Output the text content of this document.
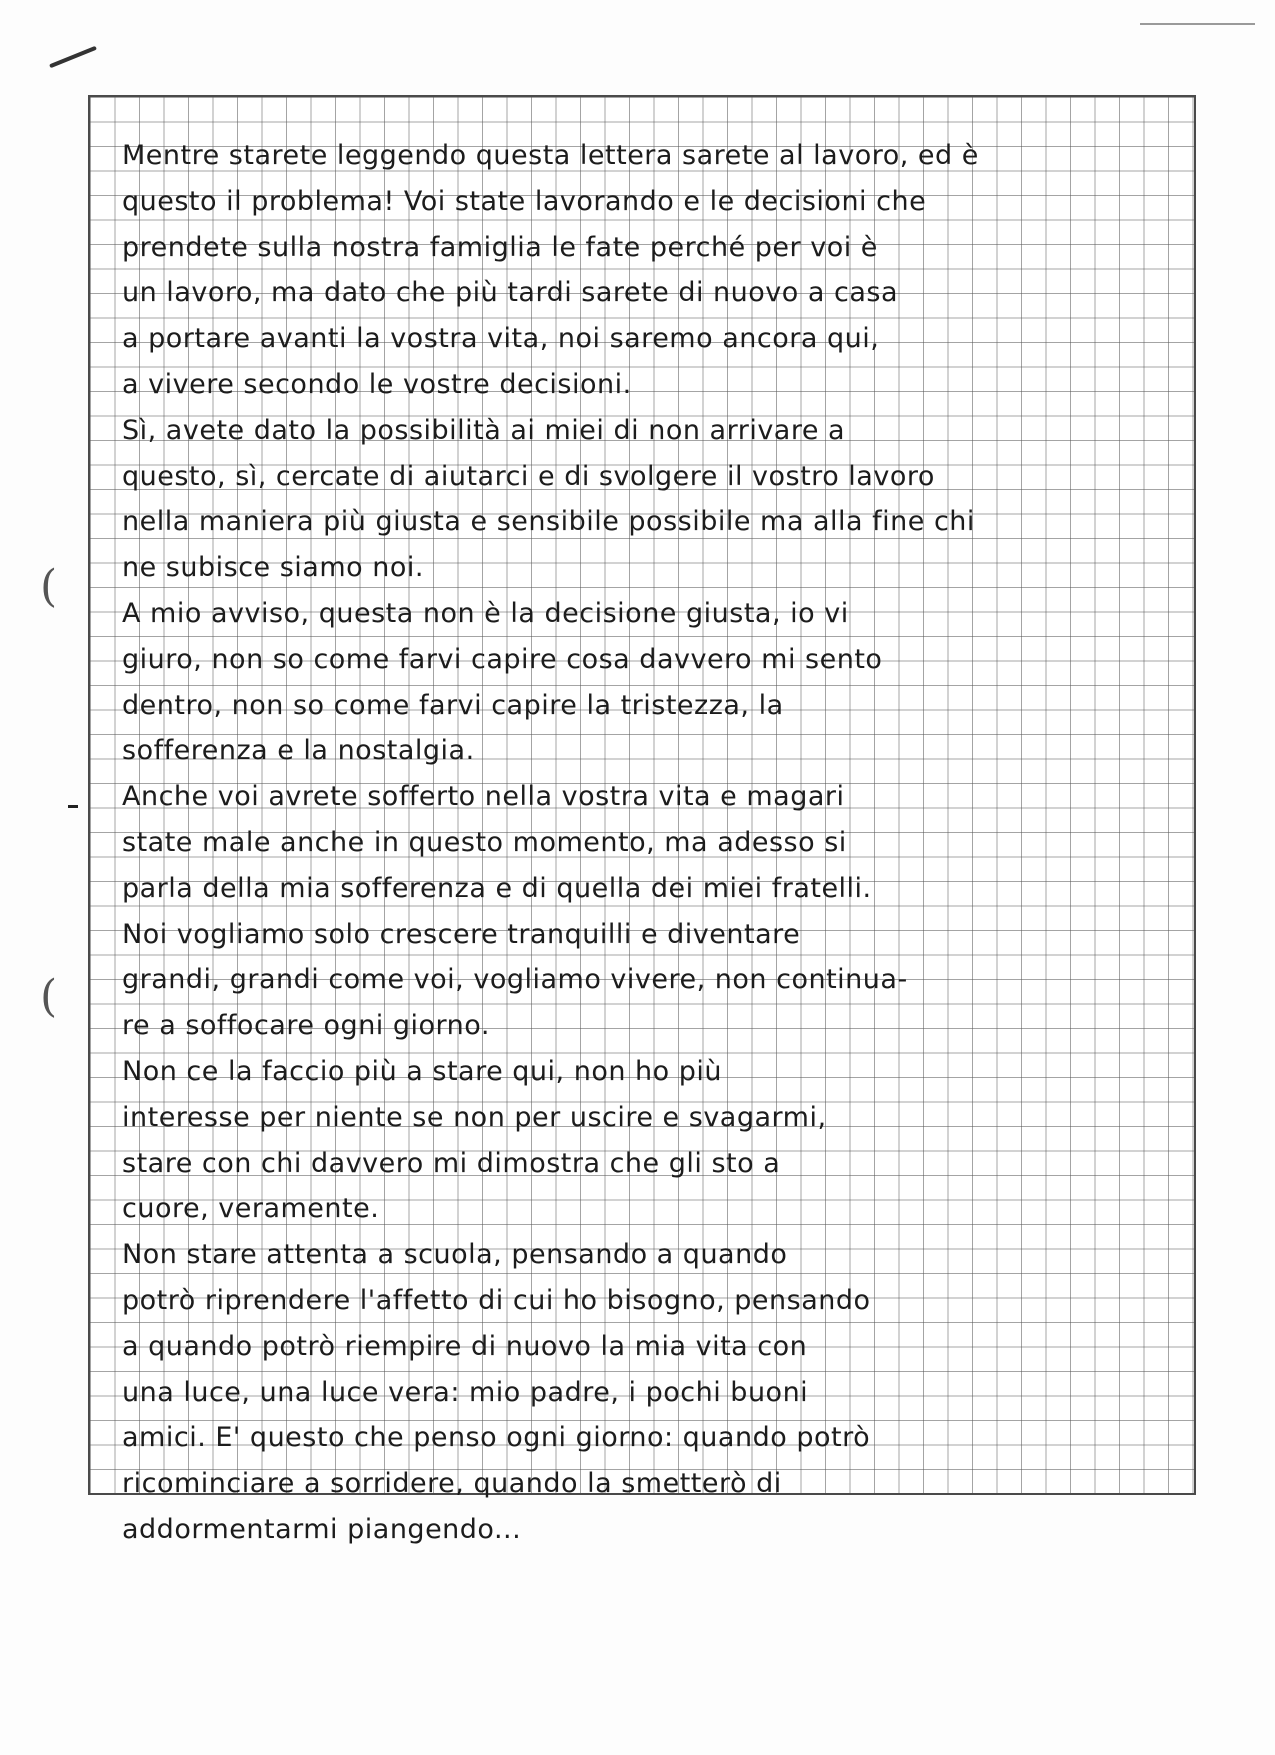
(
(
Mentre starete leggendo questa lettera sarete al lavoro, ed è
questo il problema! Voi state lavorando e le decisioni che
prendete sulla nostra famiglia le fate perché per voi è
un lavoro, ma dato che più tardi sarete di nuovo a casa
a portare avanti la vostra vita, noi saremo ancora qui,
a vivere secondo le vostre decisioni.
Sì, avete dato la possibilità ai miei di non arrivare a
questo, sì, cercate di aiutarci e di svolgere il vostro lavoro
nella maniera più giusta e sensibile possibile ma alla fine chi
ne subisce siamo noi.
A mio avviso, questa non è la decisione giusta, io vi
giuro, non so come farvi capire cosa davvero mi sento
dentro, non so come farvi capire la tristezza, la
sofferenza e la nostalgia.
Anche voi avrete sofferto nella vostra vita e magari
state male anche in questo momento, ma adesso si
parla della mia sofferenza e di quella dei miei fratelli.
Noi vogliamo solo crescere tranquilli e diventare
grandi, grandi come voi, vogliamo vivere, non continua-
re a soffocare ogni giorno.
Non ce la faccio più a stare qui, non ho più
interesse per niente se non per uscire e svagarmi,
stare con chi davvero mi dimostra che gli sto a
cuore, veramente.
Non stare attenta a scuola, pensando a quando
potrò riprendere l'affetto di cui ho bisogno, pensando
a quando potrò riempire di nuovo la mia vita con
una luce, una luce vera: mio padre, i pochi buoni
amici. E' questo che penso ogni giorno: quando potrò
ricominciare a sorridere, quando la smetterò di
addormentarmi piangendo...
